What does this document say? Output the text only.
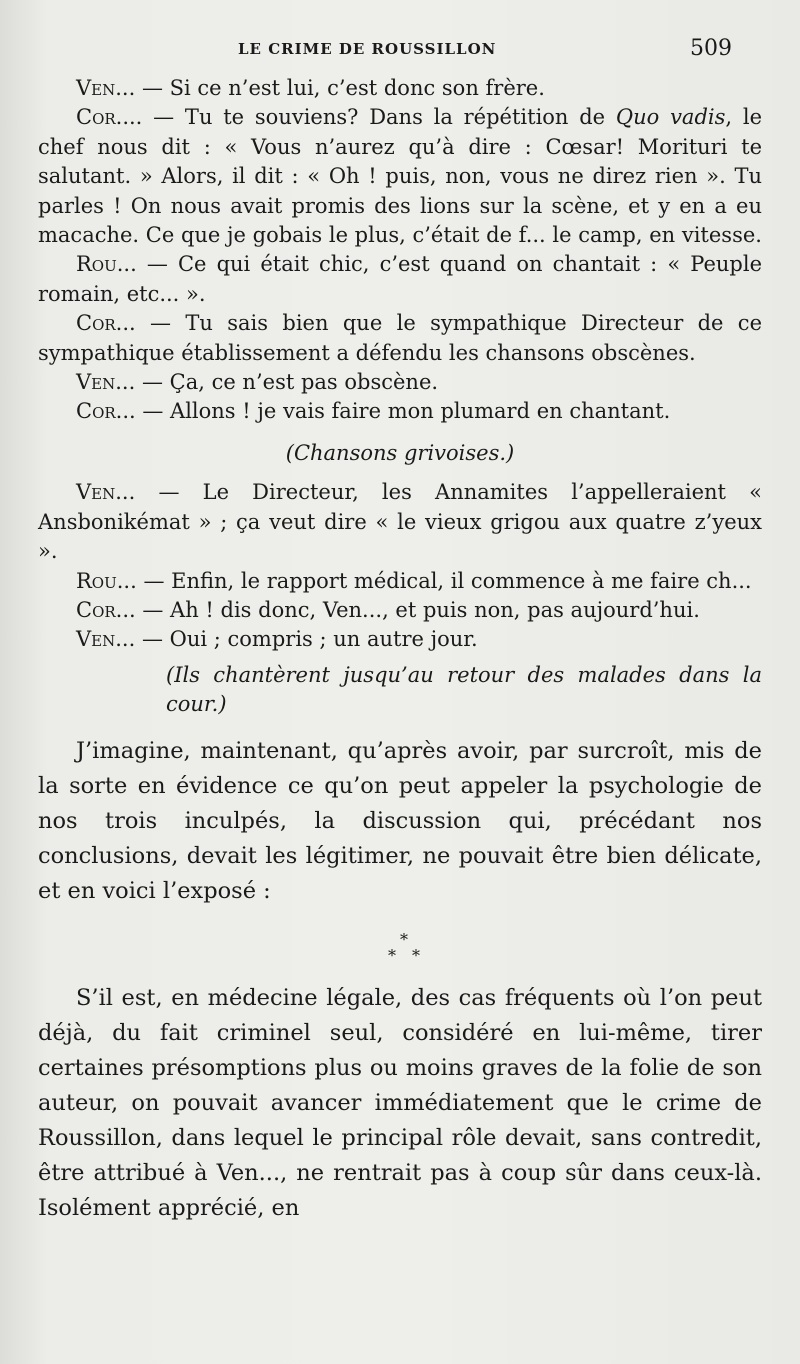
LE CRIME DE ROUSSILLON	509

Ven... — Si ce n’est lui, c’est donc son frère.

Cor.... — Tu te souviens? Dans la répétition de Quo vadis, le chef nous dit : « Vous n’aurez qu’à dire : Cœsar! Morituri te salutant. » Alors, il dit : « Oh ! puis, non, vous ne direz rien ». Tu parles ! On nous avait promis des lions sur la scène, et y en a eu macache. Ce que je gobais le plus, c’était de f... le camp, en vitesse.

Rou... — Ce qui était chic, c’est quand on chantait : « Peuple romain, etc... ».

Cor... — Tu sais bien que le sympathique Directeur de ce sympathique établissement a défendu les chansons obscènes.

Ven... — Ça, ce n’est pas obscène.

Cor... — Allons ! je vais faire mon plumard en chantant.

(Chansons grivoises.)

Ven... — Le Directeur, les Annamites l’appelleraient « Ansbonikémat » ; ça veut dire « le vieux grigou aux quatre z’yeux ».

Rou... — Enfin, le rapport médical, il commence à me faire ch...

Cor... — Ah ! dis donc, Ven..., et puis non, pas aujourd’hui.

Ven... — Oui ; compris ; un autre jour.

(Ils chantèrent jusqu’au retour des malades dans la cour.)

J’imagine, maintenant, qu’après avoir, par surcroît, mis de la sorte en évidence ce qu’on peut appeler la psychologie de nos trois inculpés, la discussion qui, précédant nos conclusions, devait les légitimer, ne pouvait être bien délicate, et en voici l’exposé :

*
* *

S’il est, en médecine légale, des cas fréquents où l’on peut déjà, du fait criminel seul, considéré en lui-même, tirer certaines présomptions plus ou moins graves de la folie de son auteur, on pouvait avancer immédiatement que le crime de Roussillon, dans lequel le principal rôle devait, sans contredit, être attribué à Ven..., ne rentrait pas à coup sûr dans ceux-là. Isolément apprécié, en
